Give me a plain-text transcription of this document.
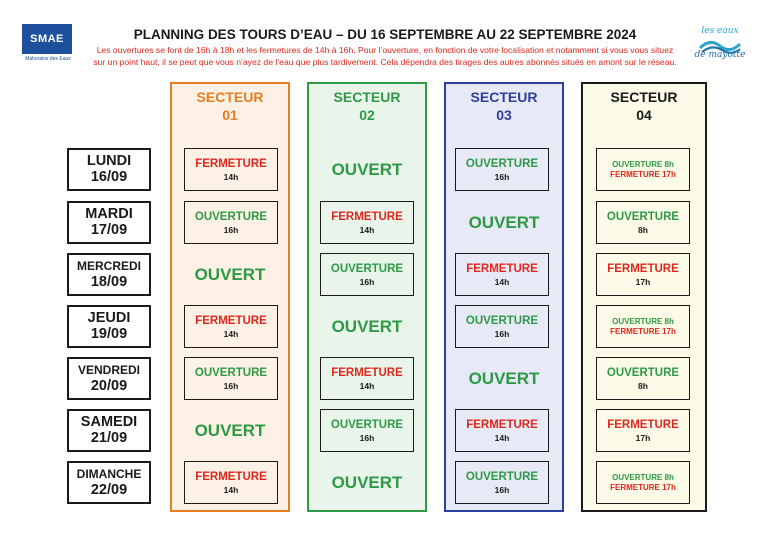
SMAE
Mahoraise des Eaux
les eaux
de mayotte
PLANNING DES TOURS D’EAU – DU 16 SEPTEMBRE AU 22 SEPTEMBRE 2024
Les ouvertures se font de 16h à 18h et les fermetures de 14h à 16h. Pour l’ouverture, en fonction de votre localisation et notamment si vous vous situez sur un point haut, il se peut que vous n’ayez de l’eau que plus tardivement. Cela dépendra des tirages des autres abonnés situés en amont sur le réseau.
SECTEUR
01
SECTEUR
02
SECTEUR
03
SECTEUR
04
LUNDI
16/09
MARDI
17/09
MERCREDI
18/09
JEUDI
19/09
VENDREDI
20/09
SAMEDI
21/09
DIMANCHE
22/09
FERMETURE
14h
OUVERTURE
16h
OUVERT
FERMETURE
14h
OUVERTURE
16h
OUVERT
FERMETURE
14h
OUVERT
FERMETURE
14h
OUVERTURE
16h
OUVERT
FERMETURE
14h
OUVERTURE
16h
OUVERT
OUVERTURE
16h
OUVERT
FERMETURE
14h
OUVERTURE
16h
OUVERT
FERMETURE
14h
OUVERTURE
16h
OUVERTURE 8h
FERMETURE 17h
OUVERTURE
8h
FERMETURE
17h
OUVERTURE 8h
FERMETURE 17h
OUVERTURE
8h
FERMETURE
17h
OUVERTURE 8h
FERMETURE 17h
